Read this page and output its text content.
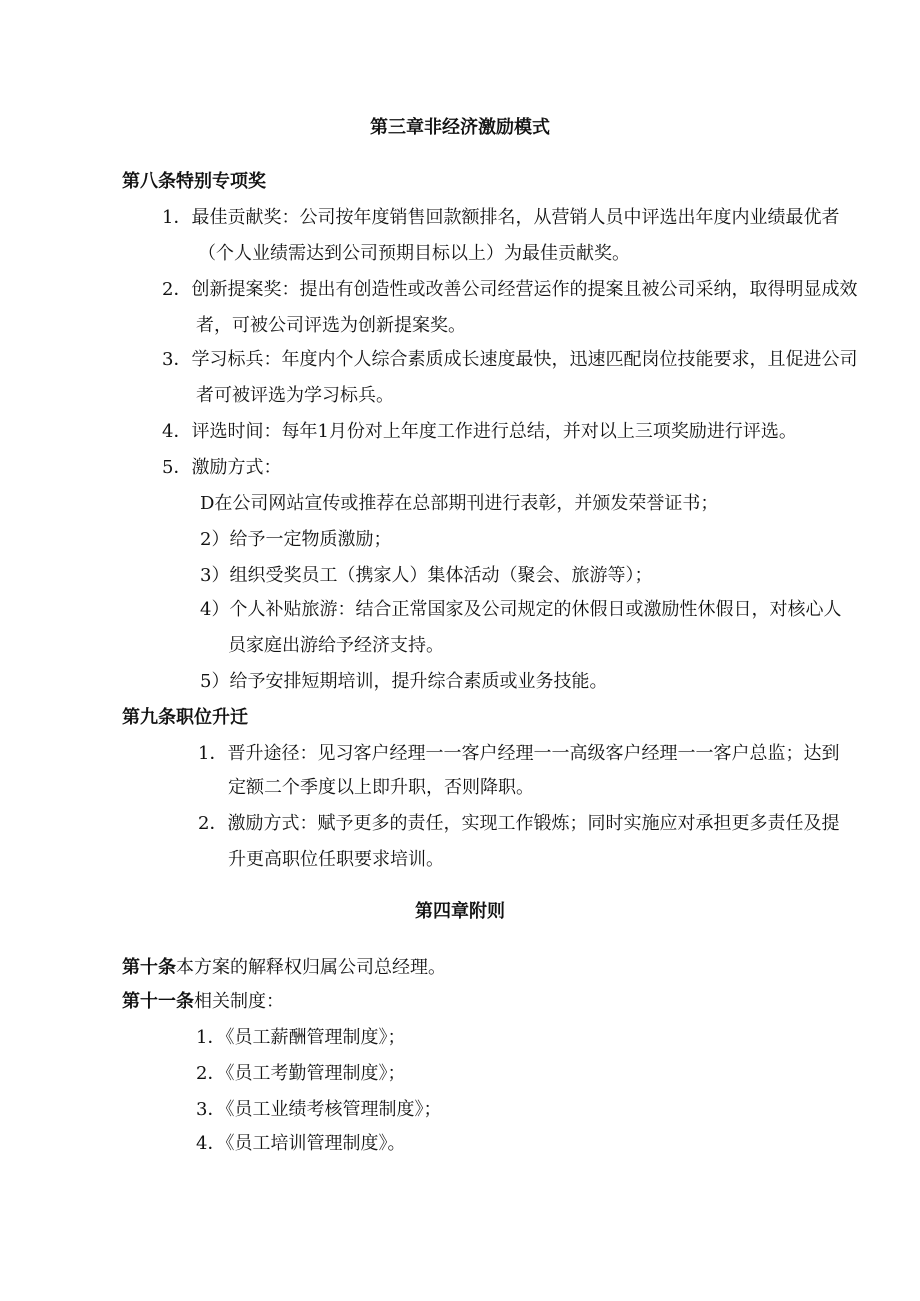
第三章非经济激励模式
第八条特别专项奖
1．最佳贡献奖：公司按年度销售回款额排名，从营销人员中评选出年度内业绩最优者
（个人业绩需达到公司预期目标以上）为最佳贡献奖。
2．创新提案奖：提出有创造性或改善公司经营运作的提案且被公司采纳，取得明显成效
者，可被公司评选为创新提案奖。
3．学习标兵：年度内个人综合素质成长速度最快，迅速匹配岗位技能要求，且促进公司
者可被评选为学习标兵。
4．评选时间：每年1月份对上年度工作进行总结，并对以上三项奖励进行评选。
5．激励方式：
D在公司网站宣传或推荐在总部期刊进行表彰，并颁发荣誉证书；
2）给予一定物质激励；
3）组织受奖员工（携家人）集体活动（聚会、旅游等）；
4）个人补贴旅游：结合正常国家及公司规定的休假日或激励性休假日，对核心人
员家庭出游给予经济支持。
5）给予安排短期培训，提升综合素质或业务技能。
第九条职位升迁
1．晋升途径：见习客户经理一一客户经理一一高级客户经理一一客户总监；达到
定额二个季度以上即升职，否则降职。
2．激励方式：赋予更多的责任，实现工作锻炼；同时实施应对承担更多责任及提
升更高职位任职要求培训。
第四章附则
第十条本方案的解释权归属公司总经理。
第十一条相关制度：
1．《员工薪酬管理制度》；
2．《员工考勤管理制度》；
3．《员工业绩考核管理制度》；
4．《员工培训管理制度》。
